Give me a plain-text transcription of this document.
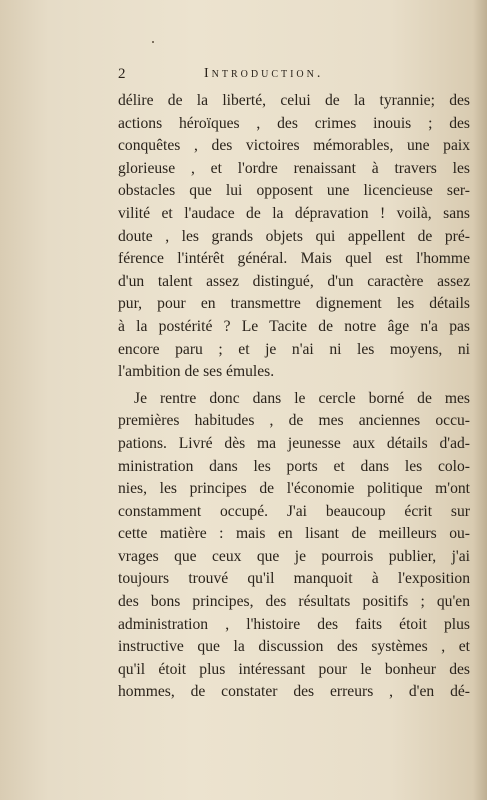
2	Introduction.
délire de la liberté, celui de la tyrannie; des
actions héroïques , des crimes inouis ; des
conquêtes , des victoires mémorables, une paix
glorieuse , et l'ordre renaissant à travers les
obstacles que lui opposent une licencieuse ser-
vilité et l'audace de la dépravation ! voilà, sans
doute , les grands objets qui appellent de pré-
férence l'intérêt général. Mais quel est l'homme
d'un talent assez distingué, d'un caractère assez
pur, pour en transmettre dignement les détails
à la postérité ? Le Tacite de notre âge n'a pas
encore paru ; et je n'ai ni les moyens, ni
l'ambition de ses émules.
Je rentre donc dans le cercle borné de mes
premières habitudes , de mes anciennes occu-
pations. Livré dès ma jeunesse aux détails d'ad-
ministration dans les ports et dans les colo-
nies, les principes de l'économie politique m'ont
constamment occupé. J'ai beaucoup écrit sur
cette matière : mais en lisant de meilleurs ou-
vrages que ceux que je pourrois publier, j'ai
toujours trouvé qu'il manquoit à l'exposition
des bons principes, des résultats positifs ; qu'en
administration , l'histoire des faits étoit plus
instructive que la discussion des systèmes , et
qu'il étoit plus intéressant pour le bonheur des
hommes, de constater des erreurs , d'en dé-
